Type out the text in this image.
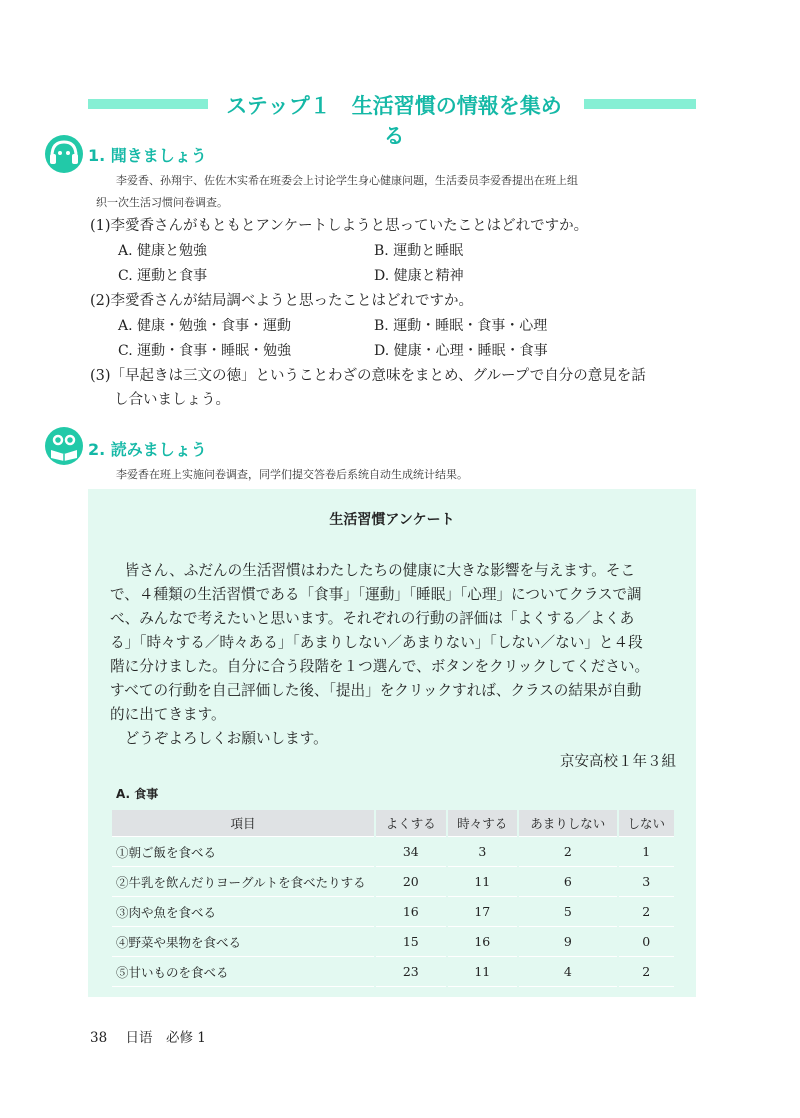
ステップ１　生活習慣の情報を集める
1. 聞きましょう
李爱香、孙翔宇、佐佐木实希在班委会上讨论学生身心健康问题，生活委员李爱香提出在班上组
织一次生活习惯问卷调查。
(1)李愛香さんがもともとアンケートしようと思っていたことはどれですか。
A. 健康と勉強	B. 運動と睡眠
C. 運動と食事	D. 健康と精神
(2)李愛香さんが結局調べようと思ったことはどれですか。
A. 健康・勉強・食事・運動	B. 運動・睡眠・食事・心理
C. 運動・食事・睡眠・勉強	D. 健康・心理・睡眠・食事
(3)「早起きは三文の徳」ということわざの意味をまとめ、グループで自分の意見を話
し合いましょう。
2. 読みましょう
李爱香在班上实施问卷调查，同学们提交答卷后系统自动生成统计结果。
生活習慣アンケート
　皆さん、ふだんの生活習慣はわたしたちの健康に大きな影響を与えます。そこ
で、４種類の生活習慣である「食事」「運動」「睡眠」「心理」についてクラスで調
べ、みんなで考えたいと思います。それぞれの行動の評価は「よくする／よくあ
る」「時々する／時々ある」「あまりしない／あまりない」「しない／ない」と４段
階に分けました。自分に合う段階を１つ選んで、ボタンをクリックしてください。
すべての行動を自己評価した後、「提出」をクリックすれば、クラスの結果が自動
的に出てきます。
　どうぞよろしくお願いします。
京安高校１年３組
A. 食事
項目	よくする	時々する	あまりしない	しない
①朝ご飯を食べる	34	3	2	1
②牛乳を飲んだりヨーグルトを食べたりする	20	11	6	3
③肉や魚を食べる	16	17	5	2
④野菜や果物を食べる	15	16	9	0
⑤甘いものを食べる	23	11	4	2
38 日语　必修 1
